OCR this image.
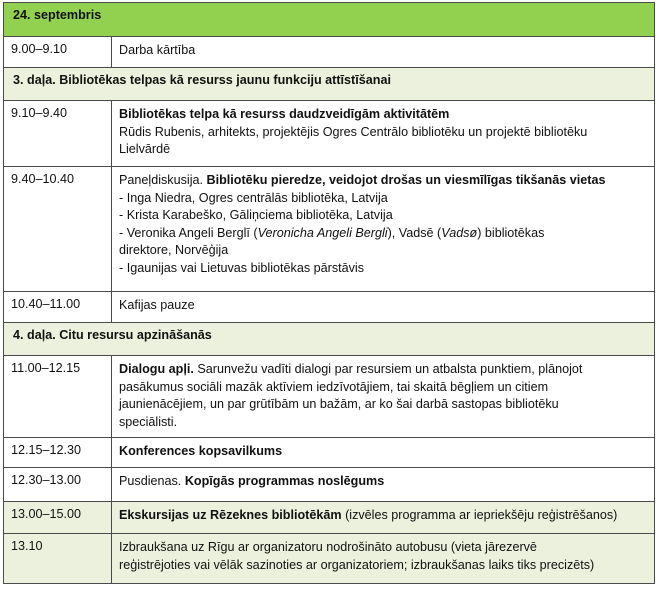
24. septembris
9.00–9.10	Darba kārtība
3. daļa. Bibliotēkas telpas kā resurss jaunu funkciju attīstīšanai
9.10–9.40	Bibliotēkas telpa kā resurss daudzveidīgām aktivitātēm
Rūdis Rubenis, arhitekts, projektējis Ogres Centrālo bibliotēku un projektē bibliotēku
Lielvārdē
9.40–10.40	Paneļdiskusija. Bibliotēku pieredze, veidojot drošas un viesmīlīgas tikšanās vietas
- Inga Niedra, Ogres centrālās bibliotēka, Latvija
- Krista Karabeško, Gāliņciema bibliotēka, Latvija
- Veronika Angeli Berglī (Veronicha Angeli Bergli), Vadsē (Vadsø) bibliotēkas
direktore, Norvēģija
- Igaunijas vai Lietuvas bibliotēkas pārstāvis
10.40–11.00	Kafijas pauze
4. daļa. Citu resursu apzināšanās
11.00–12.15	Dialogu apļi. Sarunvežu vadīti dialogi par resursiem un atbalsta punktiem, plānojot
pasākumus sociāli mazāk aktīviem iedzīvotājiem, tai skaitā bēgļiem un citiem
jaunienācējiem, un par grūtībām un bažām, ar ko šai darbā sastopas bibliotēku
speciālisti.
12.15–12.30	Konferences kopsavilkums
12.30–13.00	Pusdienas. Kopīgās programmas noslēgums
13.00–15.00	Ekskursijas uz Rēzeknes bibliotēkām (izvēles programma ar iepriekšēju reģistrēšanos)
13.10	Izbraukšana uz Rīgu ar organizatoru nodrošināto autobusu (vieta jārezervē
reģistrējoties vai vēlāk sazinoties ar organizatoriem; izbraukšanas laiks tiks precizēts)
